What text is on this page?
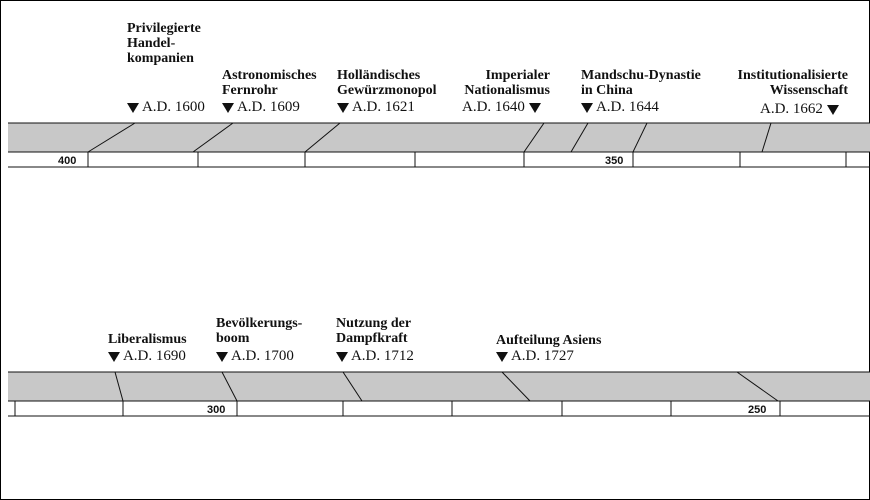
400	350
300	250
Privilegierte
Handel-
kompanien
A.D. 1600
Astronomisches
Fernrohr
A.D. 1609
Holländisches
Gewürzmonopol
A.D. 1621
Imperialer
Nationalismus
A.D. 1640
Mandschu-Dynastie
in China
A.D. 1644
Institutionalisierte
Wissenschaft
A.D. 1662
Liberalismus
A.D. 1690
Bevölkerungs-
boom
A.D. 1700
Nutzung der
Dampfkraft
A.D. 1712
Aufteilung Asiens
A.D. 1727
